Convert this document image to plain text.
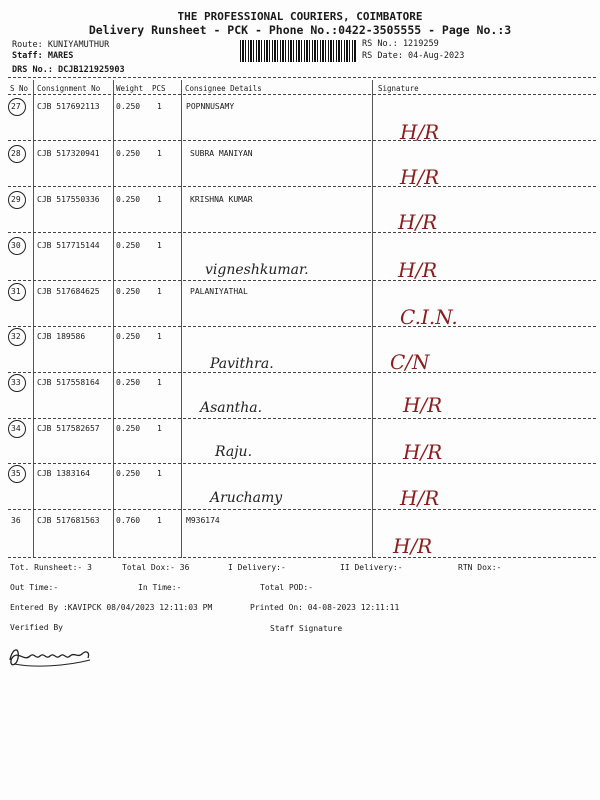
THE PROFESSIONAL COURIERS, COIMBATORE
Delivery Runsheet - PCK - Phone No.:0422-3505555 - Page No.:3
Route: KUNIYAMUTHUR
Staff: MARES
DRS No.: DCJB121925903
RS No.: 1219259
RS Date: 04-Aug-2023
S No Consignment No Weight PCS	Consignee Details	Signature
27 CJB 517692113 0.250 1	POPNNUSAMY
H/R
28 CJB 517320941 0.250 1	SUBRA MANIYAN
H/R
29 CJB 517550336 0.250 1	KRISHNA KUMAR
H/R
30 CJB 517715144 0.250 1
vigneshkumar.	H/R
31 CJB 517684625 0.250 1	PALANIYATHAL
C.I.N.
32 CJB 189586	0.250 1
Pavithra.	C/N
33 CJB 517558164 0.250 1
Asantha.	H/R
34 CJB 517582657 0.250 1
Raju.	H/R
35 CJB 1383164	0.250 1
Aruchamy	H/R
36 CJB 517681563 0.760 1	M936174
H/R
Tot. Runsheet:- 3	Total Dox:- 36	I Delivery:-	II Delivery:-	RTN Dox:-
Out Time:-	In Time:-	Total POD:-
Entered By :KAVIPCK 08/04/2023 12:11:03 PM	Printed On: 04-08-2023 12:11:11
Verified By	Staff Signature
